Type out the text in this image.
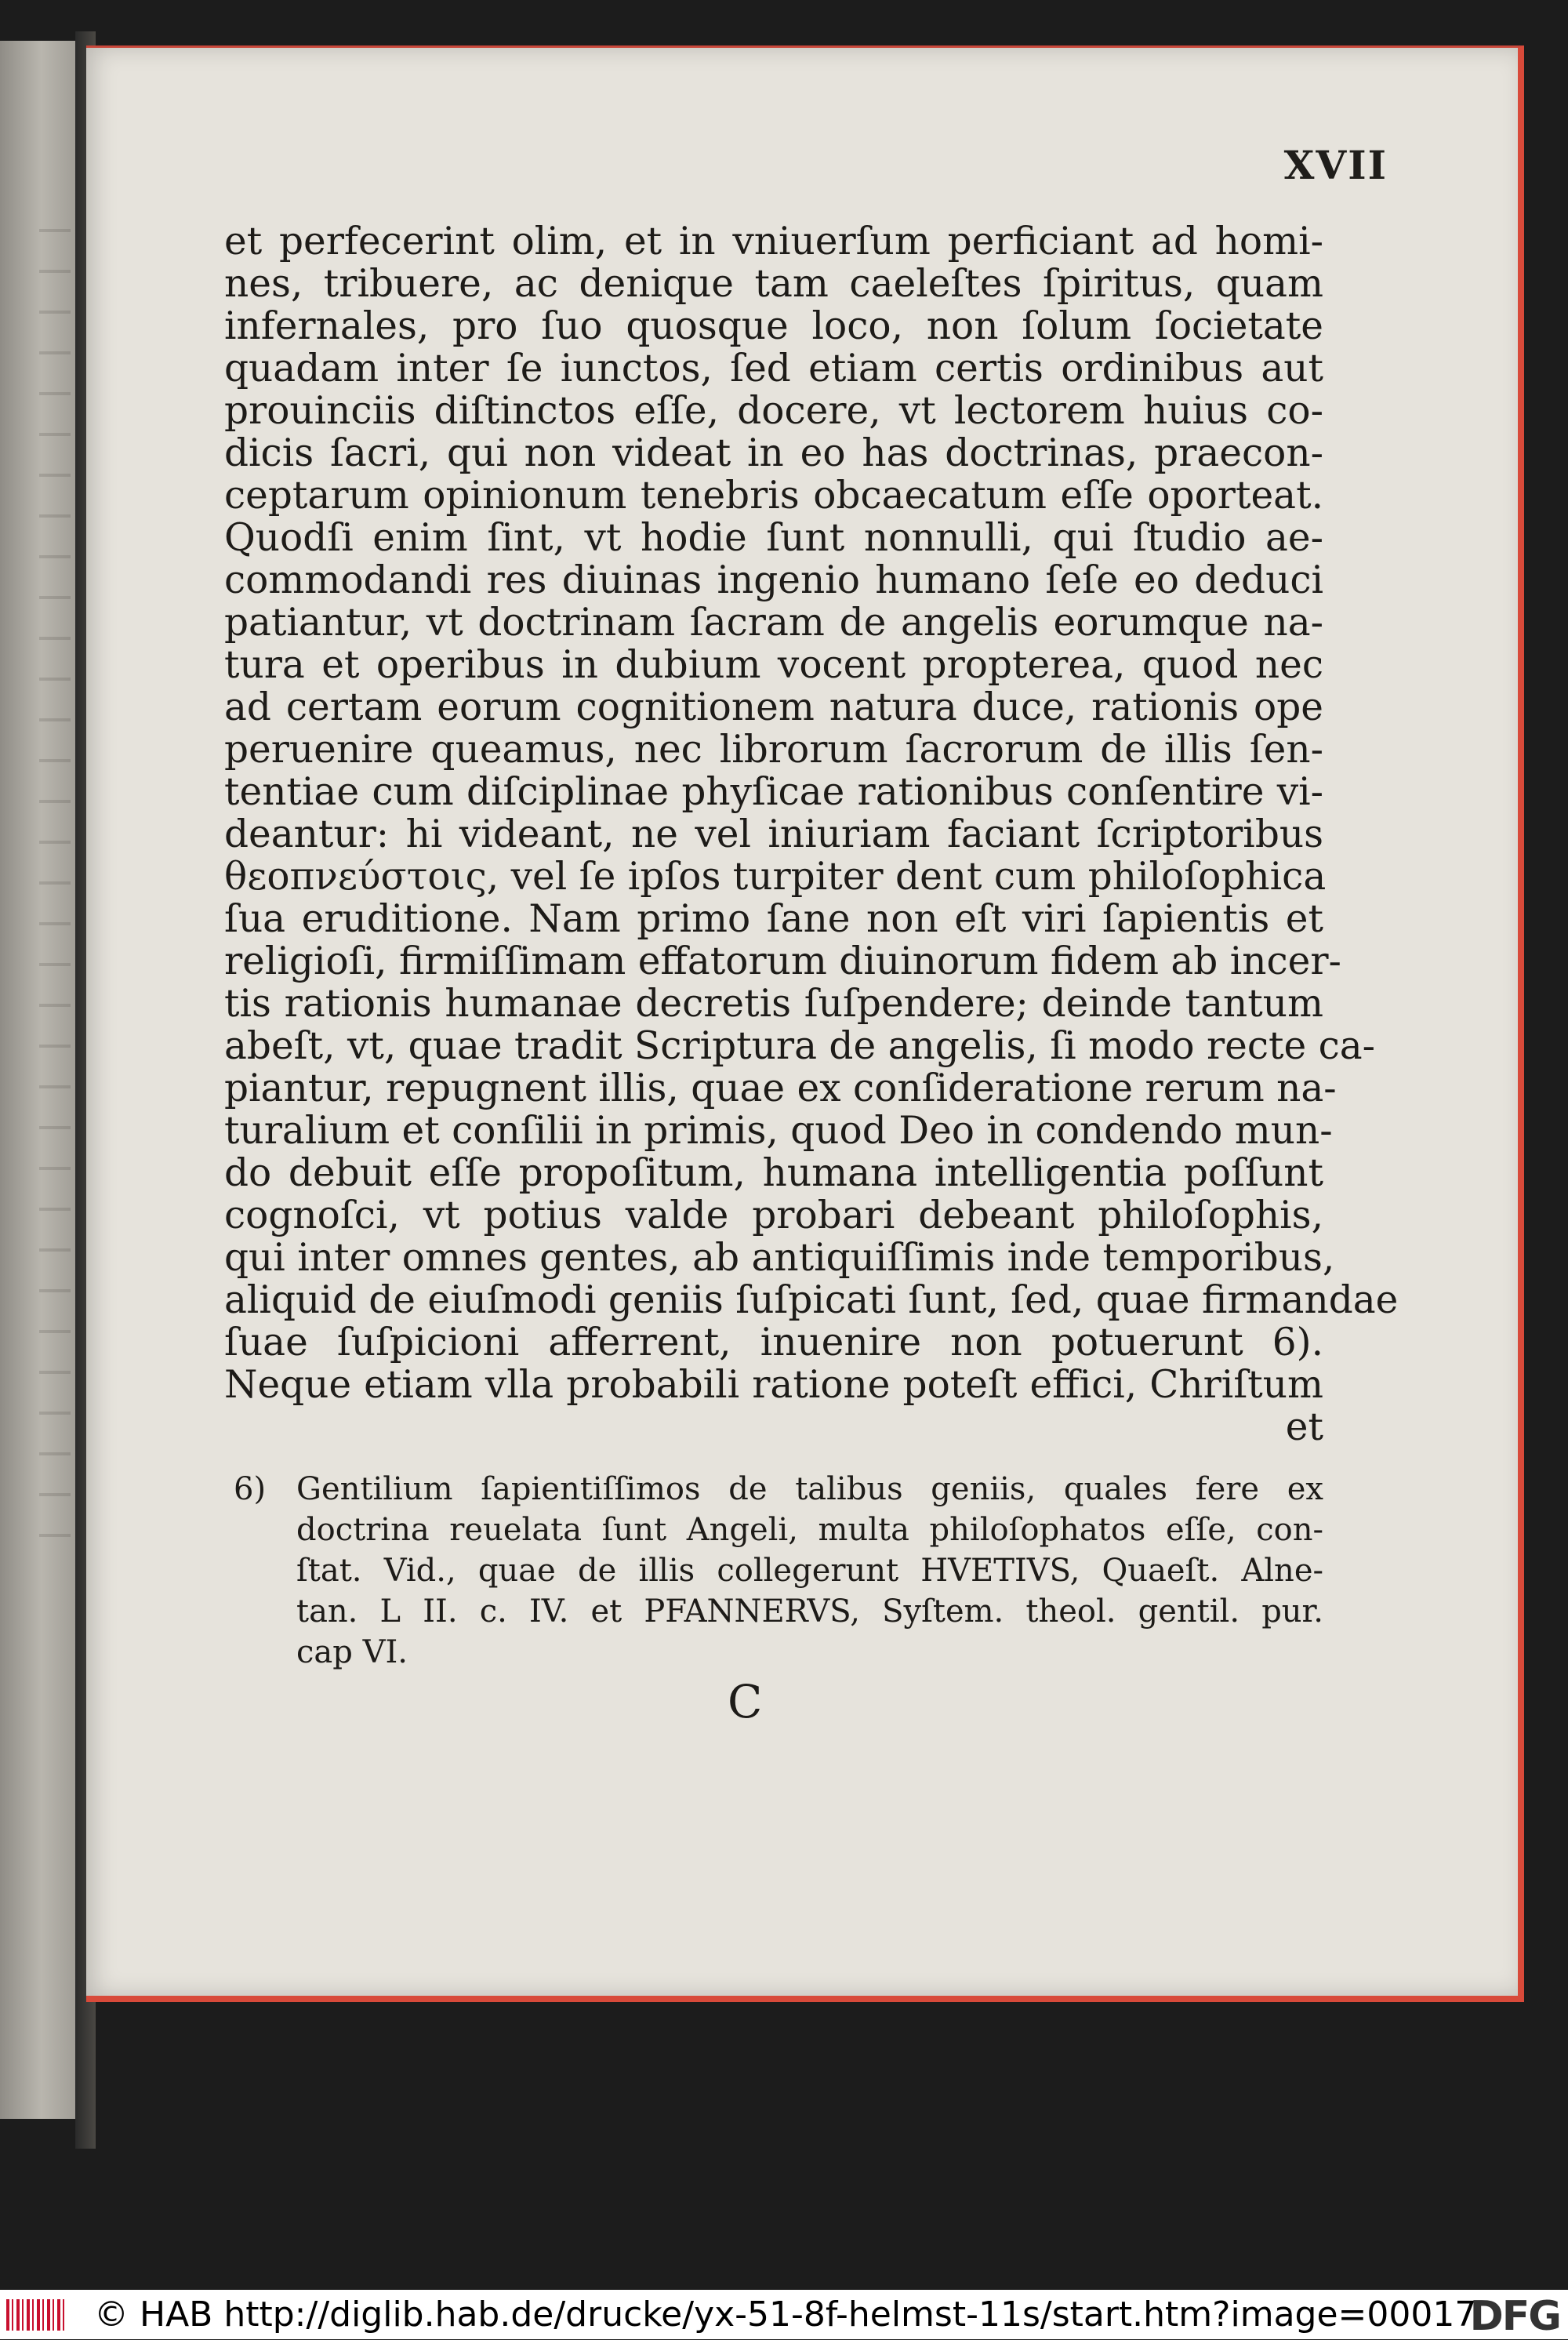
XVII
et perfecerint olim, et in vniuerſum perficiant ad homi-
nes, tribuere, ac denique tam caeleſtes ſpiritus, quam
infernales, pro ſuo quosque loco, non ſolum ſocietate
quadam inter ſe iunctos, ſed etiam certis ordinibus aut
prouinciis diſtinctos eſſe, docere, vt lectorem huius co-
dicis ſacri, qui non videat in eo has doctrinas, praecon-
ceptarum opinionum tenebris obcaecatum eſſe oporteat.
Quodſi enim ſint, vt hodie ſunt nonnulli, qui ſtudio ae-
commodandi res diuinas ingenio humano ſeſe eo deduci
patiantur, vt doctrinam ſacram de angelis eorumque na-
tura et operibus in dubium vocent propterea, quod nec
ad certam eorum cognitionem natura duce, rationis ope
peruenire queamus, nec librorum ſacrorum de illis ſen-
tentiae cum diſciplinae phyſicae rationibus conſentire vi-
deantur: hi videant, ne vel iniuriam faciant ſcriptoribus
θεοπνεύστοις, vel ſe ipſos turpiter dent cum philoſophica
ſua eruditione. Nam primo ſane non eſt viri ſapientis et
religioſi, firmiſſimam effatorum diuinorum fidem ab incer-
tis rationis humanae decretis ſuſpendere; deinde tantum
abeſt, vt, quae tradit Scriptura de angelis, ſi modo recte ca-
piantur, repugnent illis, quae ex conſideratione rerum na-
turalium et conſilii in primis, quod Deo in condendo mun-
do debuit eſſe propoſitum, humana intelligentia poſſunt
cognoſci, vt potius valde probari debeant philoſophis,
qui inter omnes gentes, ab antiquiſſimis inde temporibus,
aliquid de eiuſmodi geniis ſuſpicati ſunt, ſed, quae firmandae
ſuae ſuſpicioni afferrent, inuenire non potuerunt 6).
Neque etiam vlla probabili ratione poteſt effici, Chriſtum
et
6) Gentilium ſapientiſſimos de talibus geniis, quales fere ex
doctrina reuelata ſunt Angeli, multa philoſophatos eſſe, con-
ſtat. Vid., quae de illis collegerunt HVETIVS, Quaeſt. Alne-
tan. L II. c. IV. et PFANNERVS, Syſtem. theol. gentil. pur.
cap VI.
C
© HAB http://diglib.hab.de/drucke/yx-51-8f-helmst-11s/start.htm?image=00017
DFG
